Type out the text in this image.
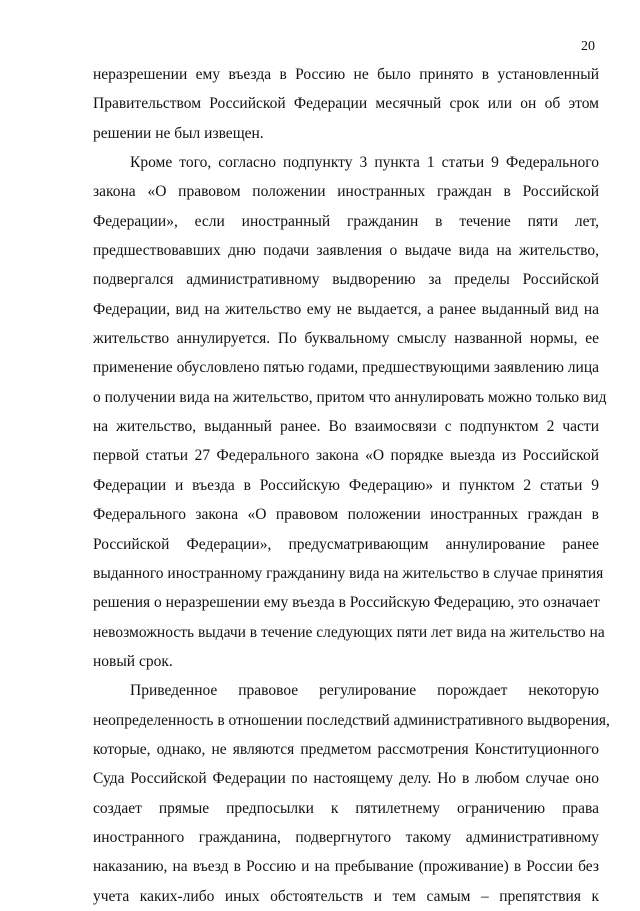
20
неразрешении ему въезда в Россию не было принято в установленный
Правительством Российской Федерации месячный срок или он об этом
решении не был извещен.
Кроме того, согласно подпункту 3 пункта 1 статьи 9 Федерального
закона «О правовом положении иностранных граждан в Российской
Федерации», если иностранный гражданин в течение пяти лет,
предшествовавших дню подачи заявления о выдаче вида на жительство,
подвергался административному выдворению за пределы Российской
Федерации, вид на жительство ему не выдается, а ранее выданный вид на
жительство аннулируется. По буквальному смыслу названной нормы, ее
применение обусловлено пятью годами, предшествующими заявлению лица
о получении вида на жительство, притом что аннулировать можно только вид
на жительство, выданный ранее. Во взаимосвязи с подпунктом 2 части
первой статьи 27 Федерального закона «О порядке выезда из Российской
Федерации и въезда в Российскую Федерацию» и пунктом 2 статьи 9
Федерального закона «О правовом положении иностранных граждан в
Российской Федерации», предусматривающим аннулирование ранее
выданного иностранному гражданину вида на жительство в случае принятия
решения о неразрешении ему въезда в Российскую Федерацию, это означает
невозможность выдачи в течение следующих пяти лет вида на жительство на
новый срок.
Приведенное правовое регулирование порождает некоторую
неопределенность в отношении последствий административного выдворения,
которые, однако, не являются предметом рассмотрения Конституционного
Суда Российской Федерации по настоящему делу. Но в любом случае оно
создает прямые предпосылки к пятилетнему ограничению права
иностранного гражданина, подвергнутого такому административному
наказанию, на въезд в Россию и на пребывание (проживание) в России без
учета каких-либо иных обстоятельств и тем самым – препятствия к
